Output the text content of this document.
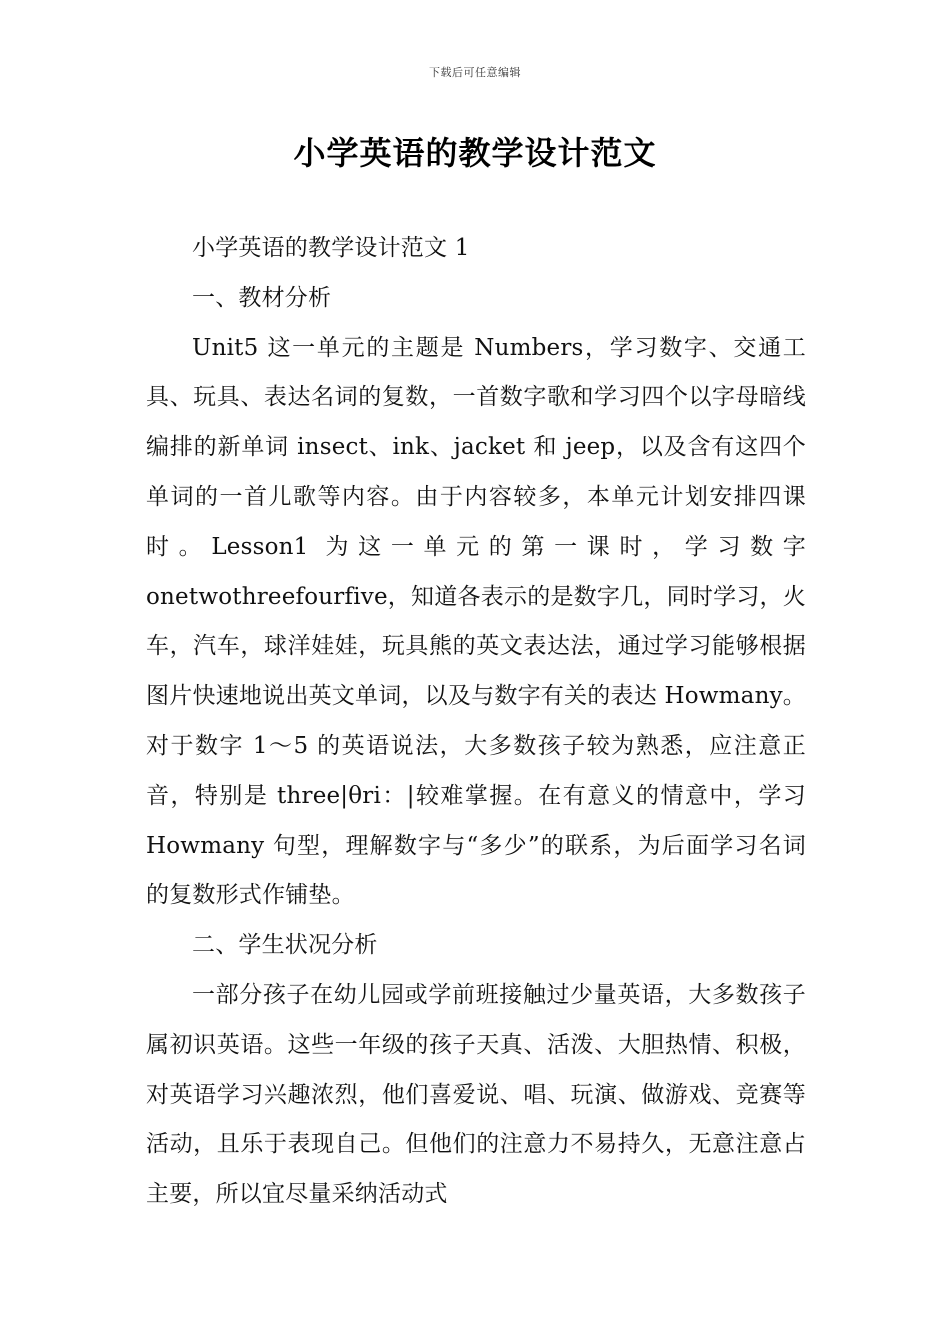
下载后可任意编辑
小学英语的教学设计范文

小学英语的教学设计范文 1

一、教材分析

Unit5 这一单元的主题是 Numbers，学习数字、交通工具、玩具、表达名词的复数，一首数字歌和学习四个以字母暗线编排的新单词 insect、ink、jacket 和 jeep，以及含有这四个单词的一首儿歌等内容。由于内容较多，本单元计划安排四课时。Lesson1 为这一单元的第一课时，学习数字 onetwothreefourfive，知道各表示的是数字几，同时学习，火车，汽车，球洋娃娃，玩具熊的英文表达法，通过学习能够根据图片快速地说出英文单词，以及与数字有关的表达 Howmany。对于数字 1～5 的英语说法，大多数孩子较为熟悉，应注意正音，特别是 three|θri：|较难掌握。在有意义的情意中，学习 Howmany 句型，理解数字与“多少”的联系，为后面学习名词的复数形式作铺垫。

二、学生状况分析

一部分孩子在幼儿园或学前班接触过少量英语，大多数孩子属初识英语。这些一年级的孩子天真、活泼、大胆热情、积极，对英语学习兴趣浓烈，他们喜爱说、唱、玩演、做游戏、竞赛等活动，且乐于表现自己。但他们的注意力不易持久，无意注意占主要，所以宜尽量采纳活动式
